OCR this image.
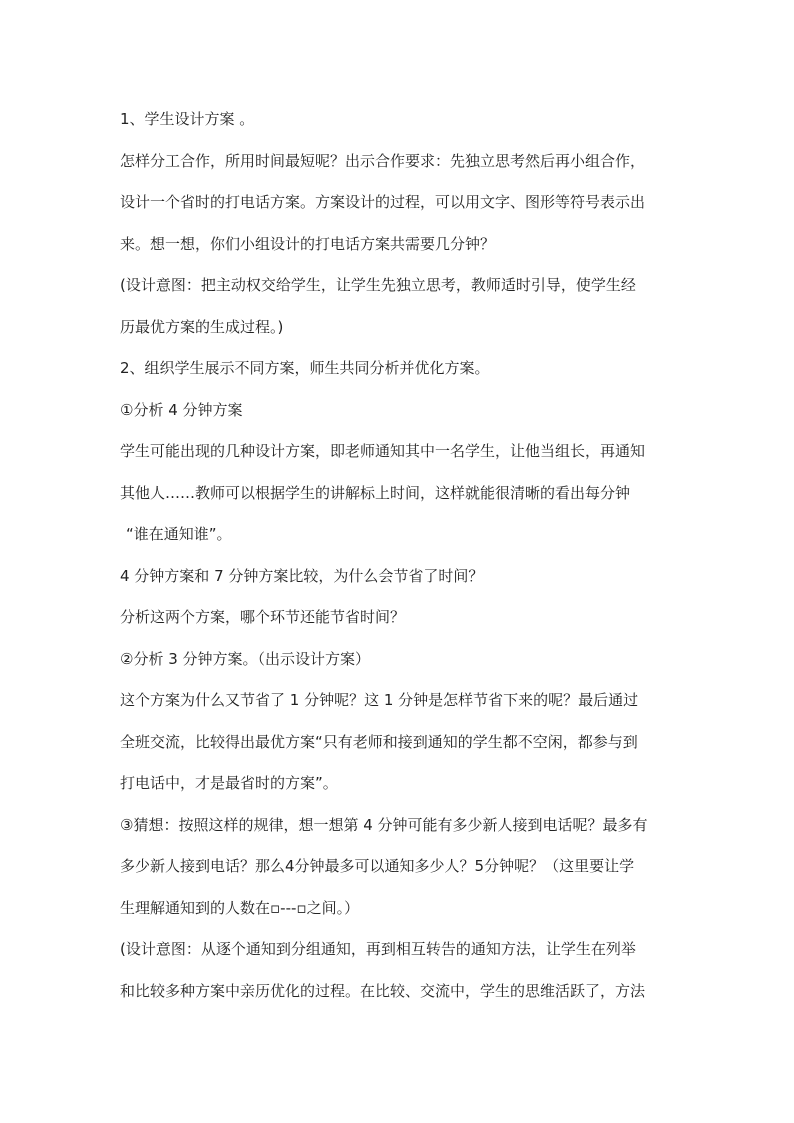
1、学生设计方案 。
怎样分工合作，所用时间最短呢？出示合作要求：先独立思考然后再小组合作，
设计一个省时的打电话方案。方案设计的过程，可以用文字、图形等符号表示出
来。想一想，你们小组设计的打电话方案共需要几分钟？
(设计意图：把主动权交给学生，让学生先独立思考，教师适时引导，使学生经
历最优方案的生成过程。)
2、组织学生展示不同方案，师生共同分析并优化方案。
①分析 4 分钟方案
学生可能出现的几种设计方案，即老师通知其中一名学生，让他当组长，再通知
其他人……教师可以根据学生的讲解标上时间，这样就能很清晰的看出每分钟
“谁在通知谁”。
4 分钟方案和 7 分钟方案比较，为什么会节省了时间？
分析这两个方案，哪个环节还能节省时间？
②分析 3 分钟方案。（出示设计方案）
这个方案为什么又节省了 1 分钟呢？这 1 分钟是怎样节省下来的呢？最后通过
全班交流，比较得出最优方案“只有老师和接到通知的学生都不空闲，都参与到
打电话中，才是最省时的方案”。
③猜想：按照这样的规律，想一想第 4 分钟可能有多少新人接到电话呢？最多有
多少新人接到电话？那么4分钟最多可以通知多少人？5分钟呢？（这里要让学
生理解通知到的人数在▫---▫之间。）
(设计意图：从逐个通知到分组通知，再到相互转告的通知方法，让学生在列举
和比较多种方案中亲历优化的过程。在比较、交流中，学生的思维活跃了，方法
